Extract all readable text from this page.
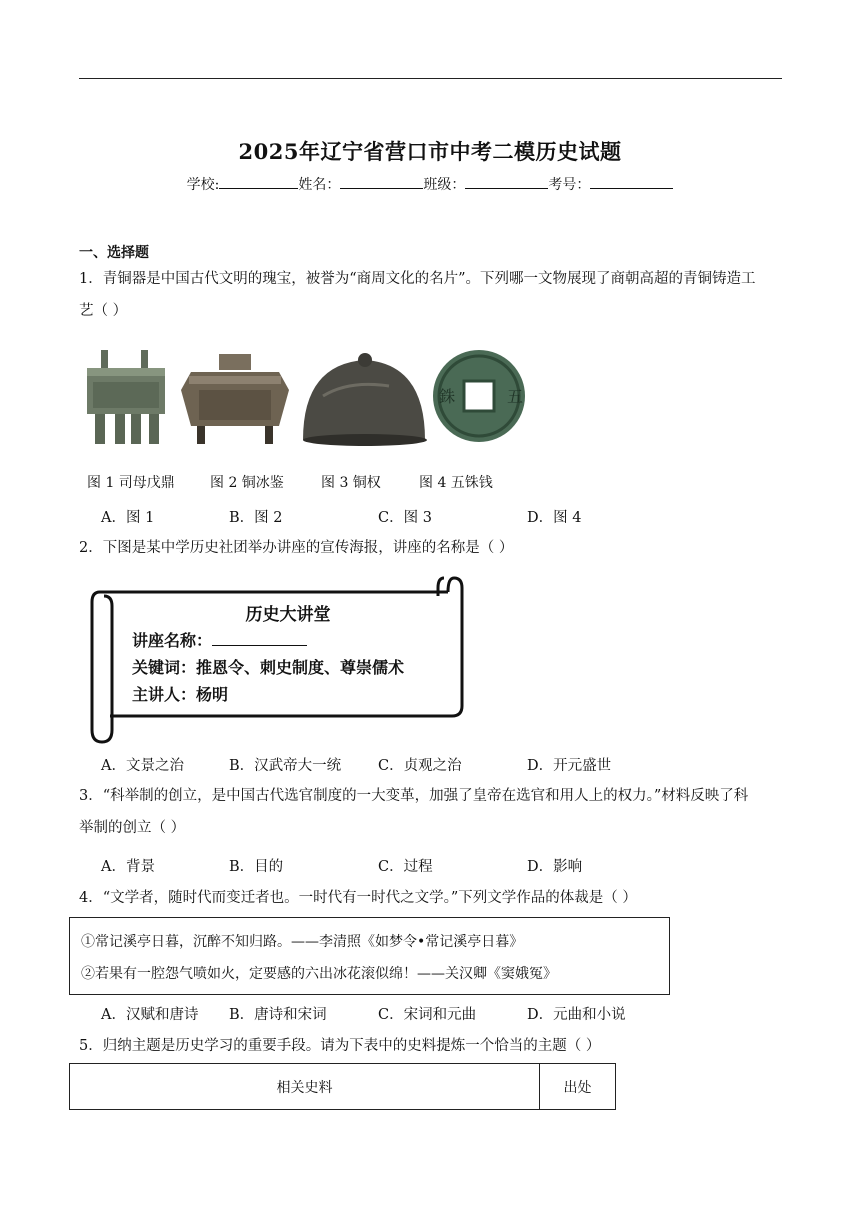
2025年辽宁省营口市中考二模历史试题
学校:	姓名：	班级：	考号：
一、选择题
1．青铜器是中国古代文明的瑰宝，被誉为“商周文化的名片”。下列哪一文物展现了商朝高超的青铜铸造工
艺（ ）
五
銖
图 1 司母戊鼎	图 2 铜冰鉴	图 3 铜权	图 4 五铢钱
A．图 1	B．图 2	C．图 3	D．图 4
2．下图是某中学历史社团举办讲座的宣传海报，讲座的名称是（ ）
历史大讲堂
讲座名称：
关键词：推恩令、刺史制度、尊崇儒术
主讲人：杨明
A．文景之治	B．汉武帝大一统	C．贞观之治	D．开元盛世
3．“科举制的创立，是中国古代选官制度的一大变革，加强了皇帝在选官和用人上的权力。”材料反映了科
举制的创立（ ）
A．背景	B．目的	C．过程	D．影响
4．“文学者，随时代而变迁者也。一时代有一时代之文学。”下列文学作品的体裁是（ ）
①常记溪亭日暮，沉醉不知归路。——李清照《如梦令•常记溪亭日暮》
②若果有一腔怨气喷如火，定要感的六出冰花滚似绵！——关汉卿《窦娥冤》
A．汉赋和唐诗 B．唐诗和宋词	C．宋词和元曲	D．元曲和小说
5．归纳主题是历史学习的重要手段。请为下表中的史料提炼一个恰当的主题（ ）
相关史料	出处
